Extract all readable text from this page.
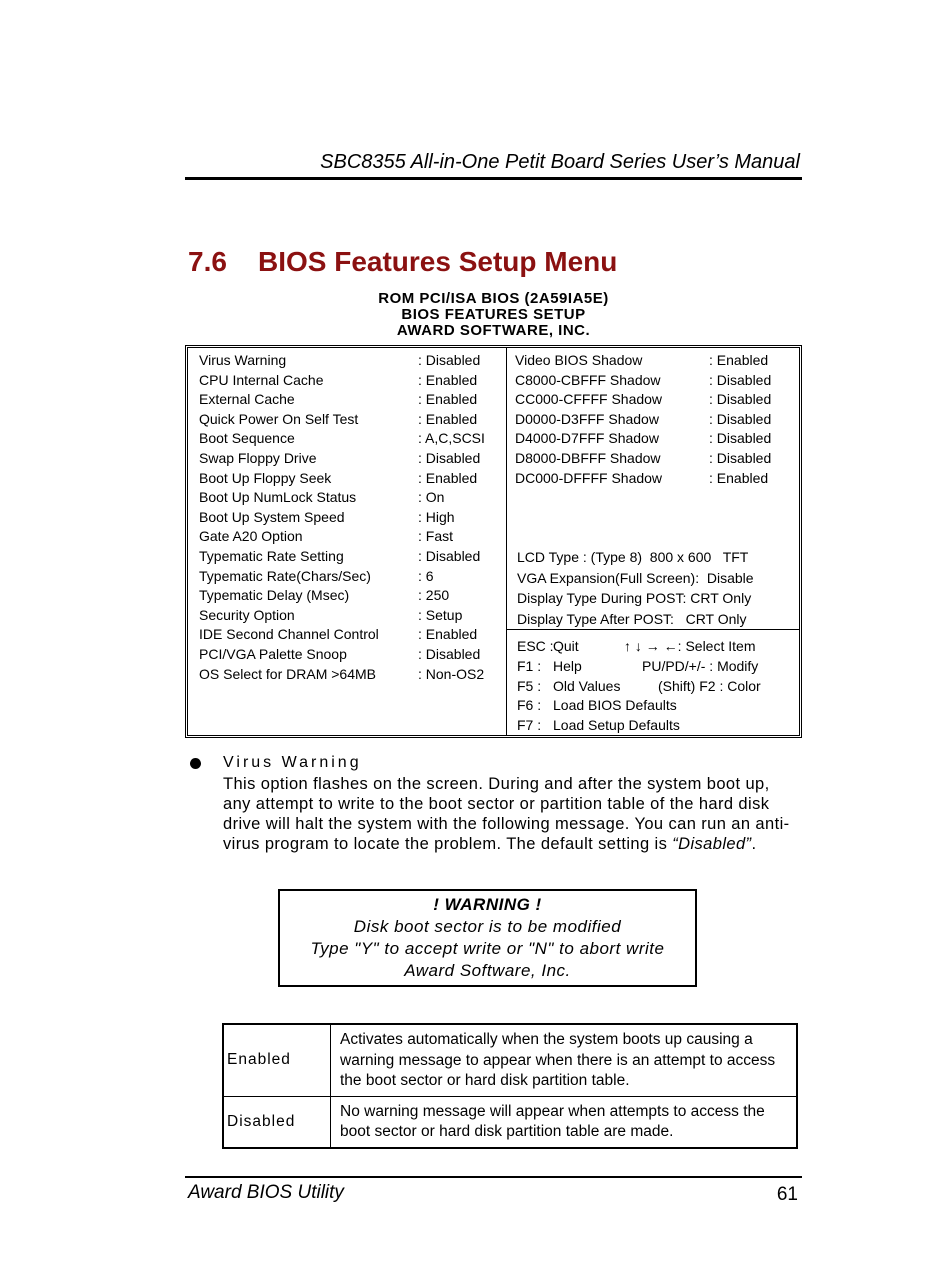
SBC8355 All-in-One Petit Board Series User’s Manual
7.6 BIOS Features Setup Menu
ROM PCI/ISA BIOS (2A59IA5E)
BIOS FEATURES SETUP
AWARD SOFTWARE, INC.
Virus Warning	: Disabled
CPU Internal Cache	: Enabled
External Cache	: Enabled
Quick Power On Self Test	: Enabled
Boot Sequence	: A,C,SCSI
Swap Floppy Drive	: Disabled
Boot Up Floppy Seek	: Enabled
Boot Up NumLock Status	: On
Boot Up System Speed	: High
Gate A20 Option	: Fast
Typematic Rate Setting	: Disabled
Typematic Rate(Chars/Sec)	: 6
Typematic Delay (Msec)	: 250
Security Option	: Setup
IDE Second Channel Control	: Enabled
PCI/VGA Palette Snoop	: Disabled
OS Select for DRAM >64MB	: Non-OS2
Video BIOS Shadow	: Enabled
C8000-CBFFF Shadow	: Disabled
CC000-CFFFF Shadow	: Disabled
D0000-D3FFF Shadow	: Disabled
D4000-D7FFF Shadow	: Disabled
D8000-DBFFF Shadow	: Disabled
DC000-DFFFF Shadow	: Enabled
LCD Type : (Type 8)  800 x 600   TFT
VGA Expansion(Full Screen):  Disable
Display Type During POST: CRT Only
Display Type After POST:   CRT Only
ESC : Quit	↑ ↓ → ←: Select Item
F1 : Help	PU/PD/+/- : Modify
F5 : Old Values	(Shift) F2 : Color
F6 : Load BIOS Defaults
F7 : Load Setup Defaults
Virus Warning
This option flashes on the screen. During and after the system boot up, any attempt to write to the boot sector or partition table of the hard disk drive will halt the system with the following message. You can run an anti-virus program to locate the problem. The default setting is “Disabled”.
! WARNING !
Disk boot sector is to be modified
Type "Y" to accept write or "N" to abort write
Award Software, Inc.
Enabled	Activates automatically when the system boots up causing a warning message to appear when there is an attempt to access the boot sector or hard disk partition table.
Disabled	No warning message will appear when attempts to access the boot sector or hard disk partition table are made.
Award BIOS Utility	61
